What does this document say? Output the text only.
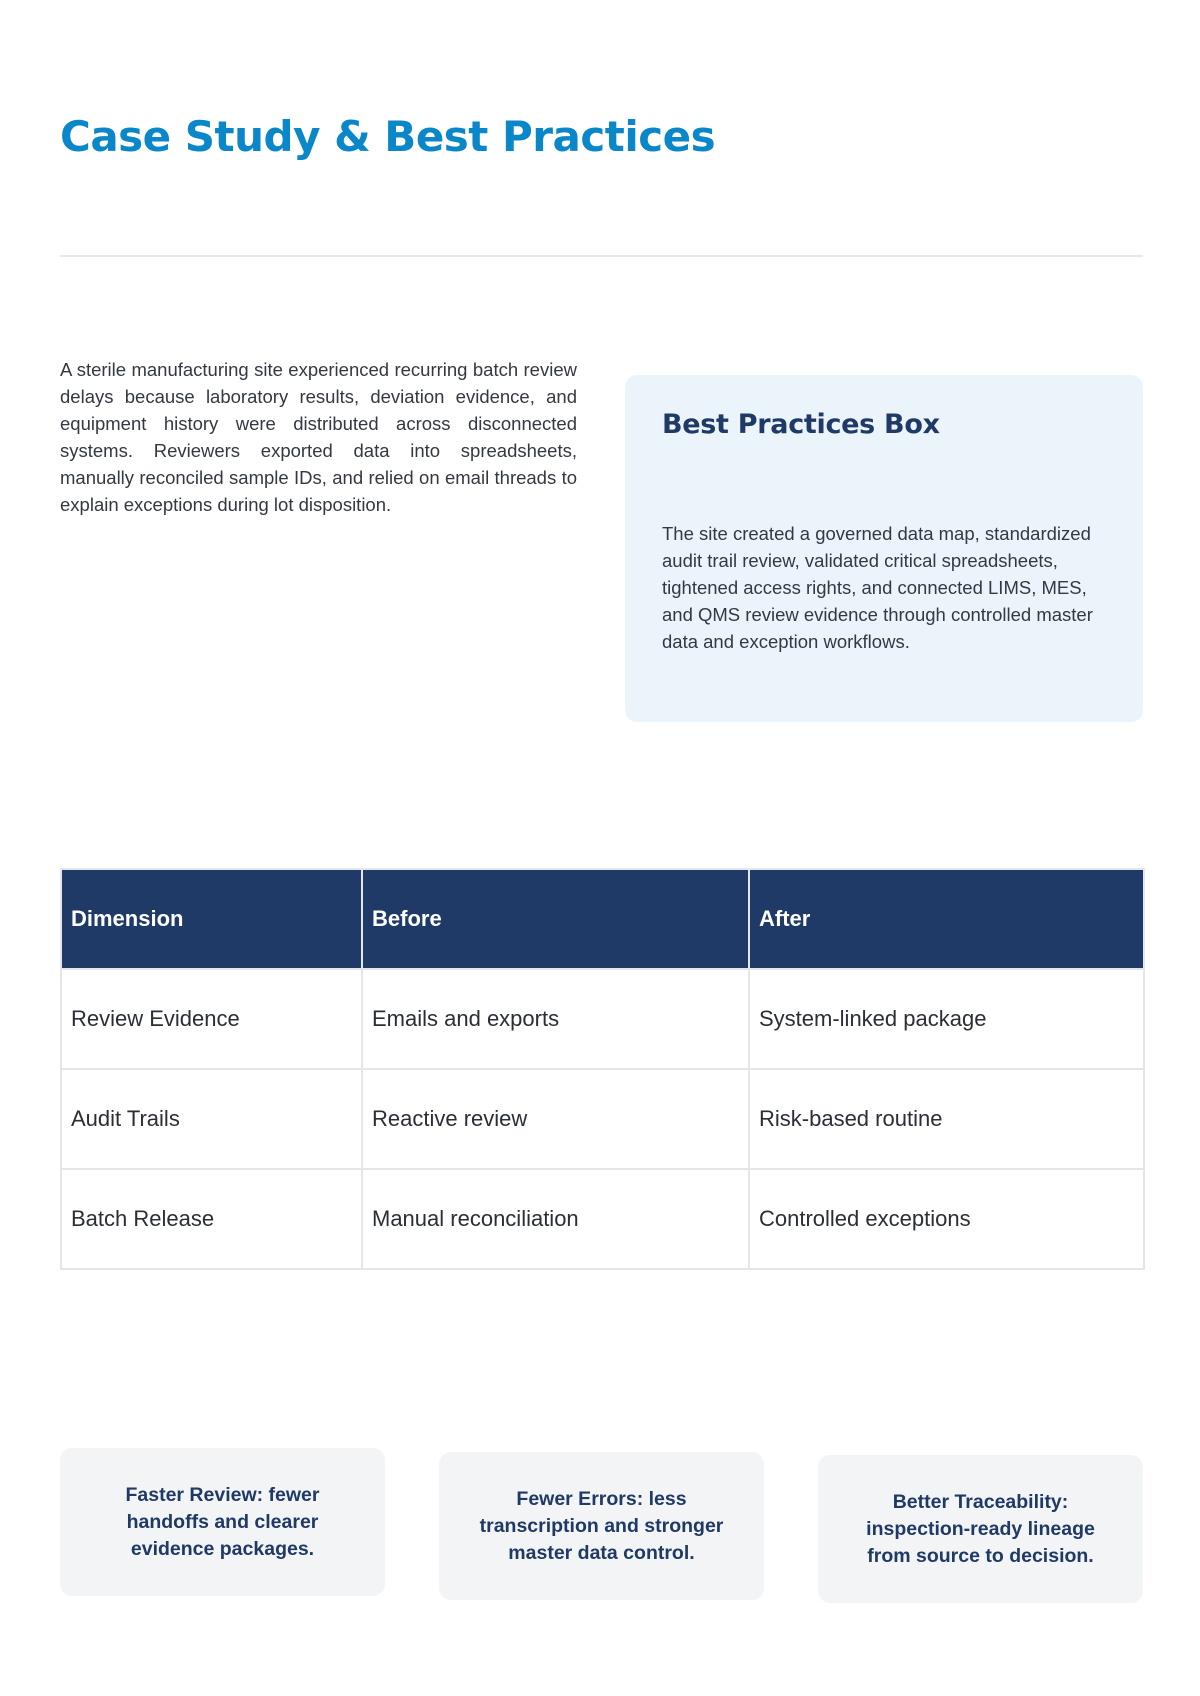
Case Study & Best Practices

A sterile manufacturing site experienced recurring batch review delays because laboratory results, deviation evidence, and equipment history were distributed across disconnected systems. Reviewers exported data into spreadsheets, manually reconciled sample IDs, and relied on email threads to explain exceptions during lot disposition.

Best Practices Box

The site created a governed data map, standardized audit trail review, validated critical spreadsheets, tightened access rights, and connected LIMS, MES, and QMS review evidence through controlled master data and exception workflows.

Dimension	Before	After
Review Evidence	Emails and exports	System-linked package
Audit Trails	Reactive review	Risk-based routine
Batch Release	Manual reconciliation	Controlled exceptions

Faster Review: fewer handoffs and clearer evidence packages.

Fewer Errors: less transcription and stronger master data control.

Better Traceability: inspection-ready lineage from source to decision.
